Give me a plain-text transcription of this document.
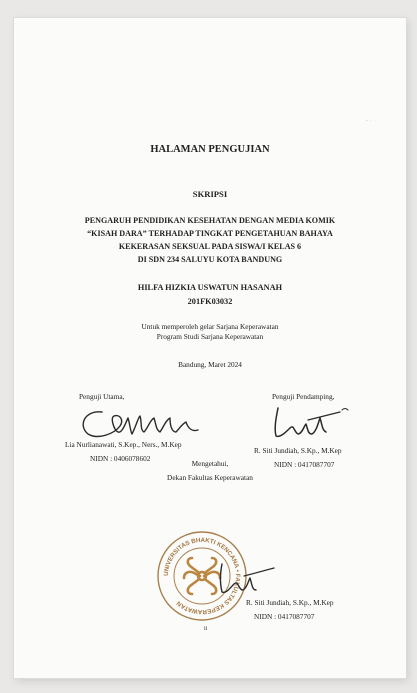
- ·
HALAMAN PENGUJIAN
SKRIPSI
PENGARUH PENDIDIKAN KESEHATAN DENGAN MEDIA KOMIK
“KISAH DARA” TERHADAP TINGKAT PENGETAHUAN BAHAYA
KEKERASAN SEKSUAL PADA SISWA/I KELAS 6
DI SDN 234 SALUYU KOTA BANDUNG
HILFA HIZKIA USWATUN HASANAH
201FK03032
Untuk memperoleh gelar Sarjana Keperawatan
Program Studi Sarjana Keperawatan
Bandung, Maret 2024
Penguji Utama,	Penguji Pendamping,
Lia Nurlianawati, S.Kep., Ners., M.Kep
NIDN : 0406078602
R. Siti Jundiah, S.Kp., M.Kep
NIDN : 0417087707
Mengetahui,
Dekan Fakultas Keperawatan
UNIVERSITAS BHAKTI KENCANA • FAKULTAS KEPERAWATAN	R. Siti Jundiah, S.Kp., M.Kep
NIDN : 0417087707
ii
